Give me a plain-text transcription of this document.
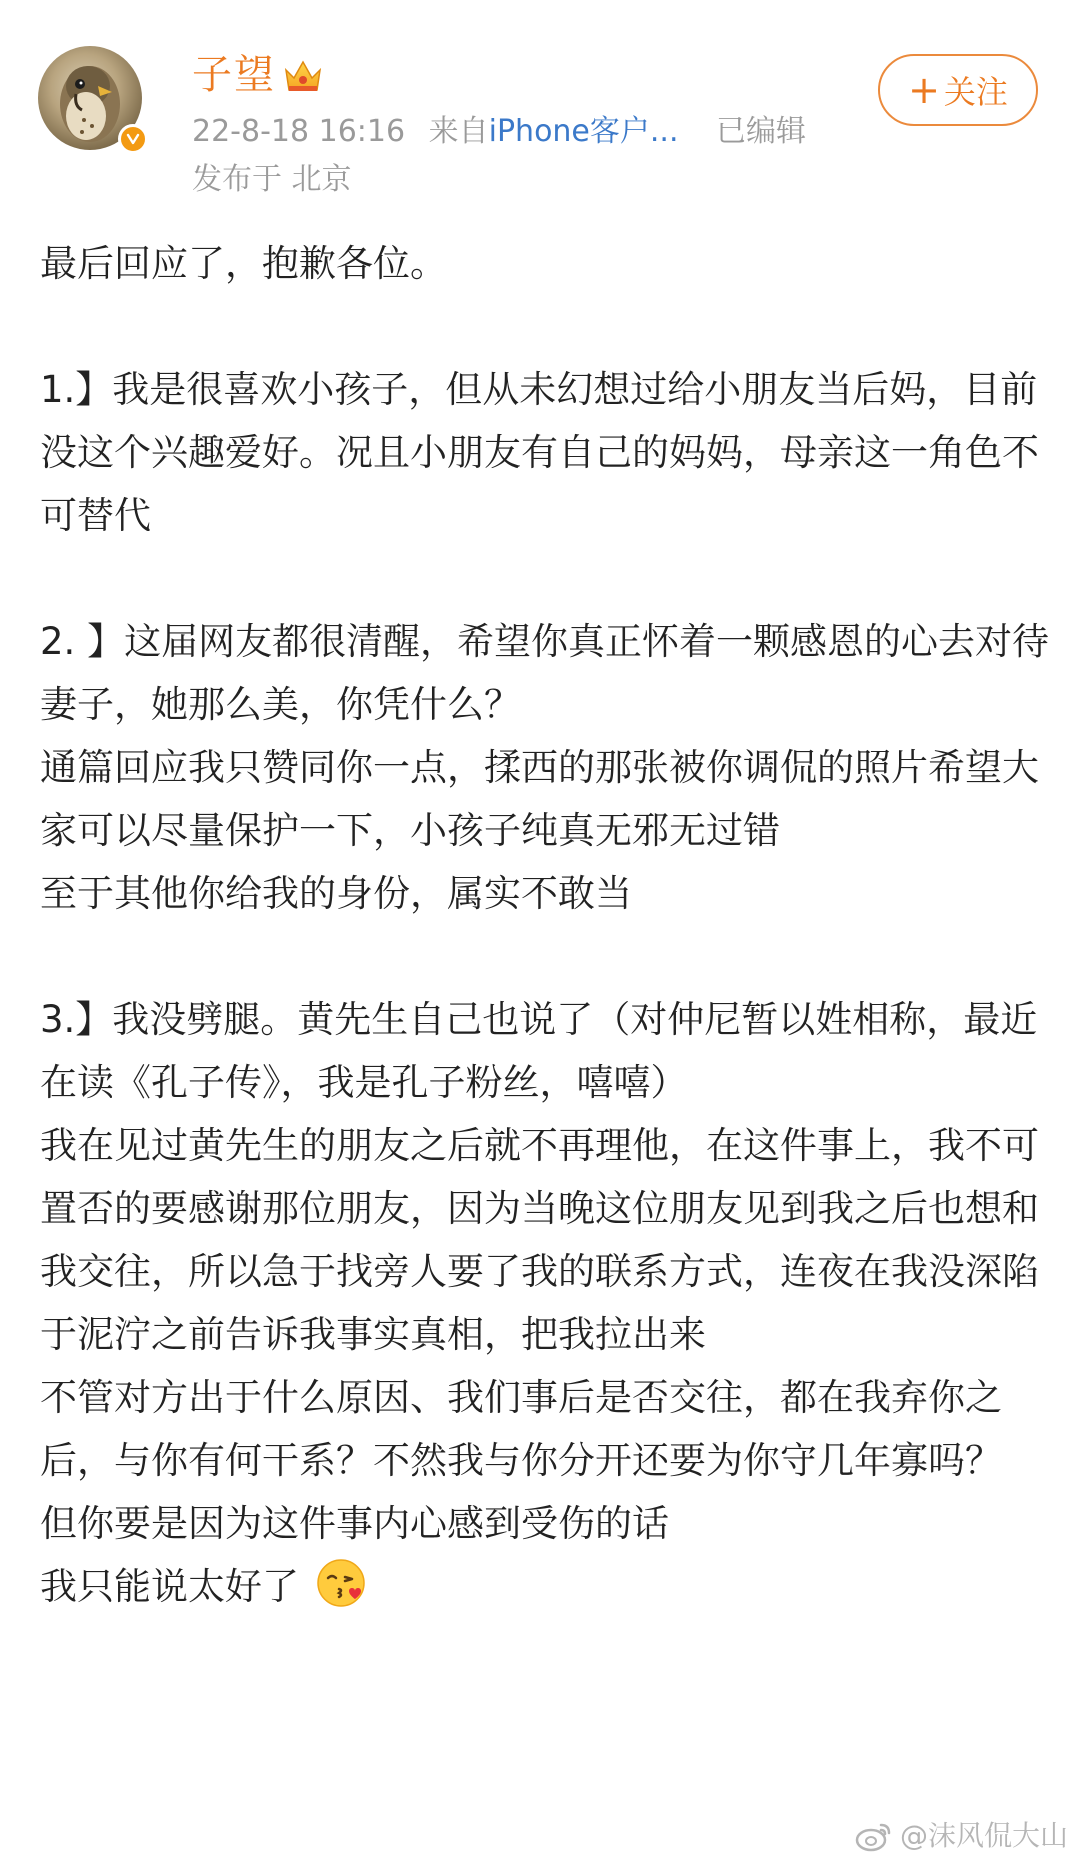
子望
22-8-18 16:16 来自iPhone客户... 已编辑
发布于 北京
+ 关注

最后回应了，抱歉各位。

1.】我是很喜欢小孩子，但从未幻想过给小朋友当后妈，目前没这个兴趣爱好。况且小朋友有自己的妈妈，母亲这一角色不可替代

2. 】这届网友都很清醒，希望你真正怀着一颗感恩的心去对待妻子，她那么美，你凭什么？

通篇回应我只赞同你一点，揉西的那张被你调侃的照片希望大家可以尽量保护一下，小孩子纯真无邪无过错

至于其他你给我的身份，属实不敢当

3.】我没劈腿。黄先生自己也说了（对仲尼暂以姓相称，最近在读《孔子传》，我是孔子粉丝，嘻嘻）

我在见过黄先生的朋友之后就不再理他，在这件事上，我不可置否的要感谢那位朋友，因为当晚这位朋友见到我之后也想和我交往，所以急于找旁人要了我的联系方式，连夜在我没深陷于泥泞之前告诉我事实真相，把我拉出来

不管对方出于什么原因、我们事后是否交往，都在我弃你之后，与你有何干系？不然我与你分开还要为你守几年寡吗？

但你要是因为这件事内心感到受伤的话

我只能说太好了

@沫风侃大山
